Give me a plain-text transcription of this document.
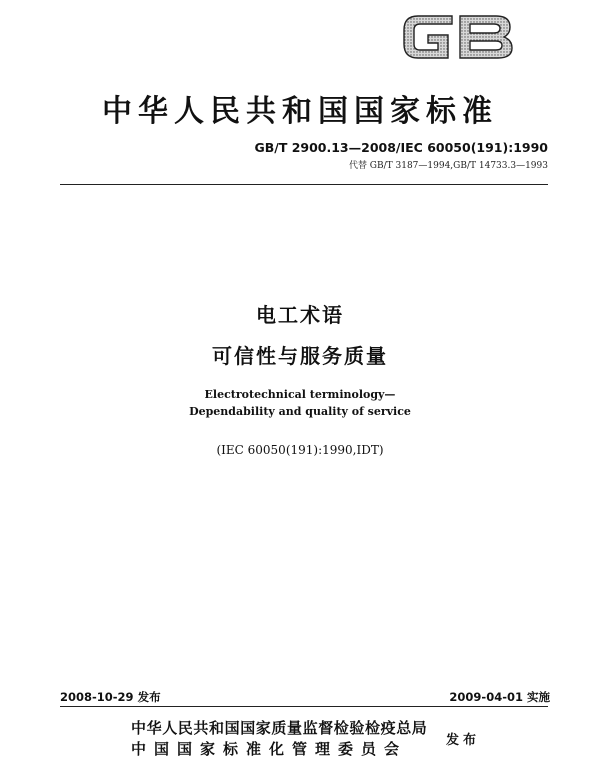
中华人民共和国国家标准
GB/T 2900.13—2008/IEC 60050(191):1990
代替 GB/T 3187—1994,GB/T 14733.3—1993
电工术语
可信性与服务质量
Electrotechnical terminology—
Dependability and quality of service
(IEC 60050(191):1990,IDT)
2008-10-29 发布	2009-04-01 实施
中华人民共和国国家质量监督检验检疫总局
中国国家标准化管理委员会	发布
